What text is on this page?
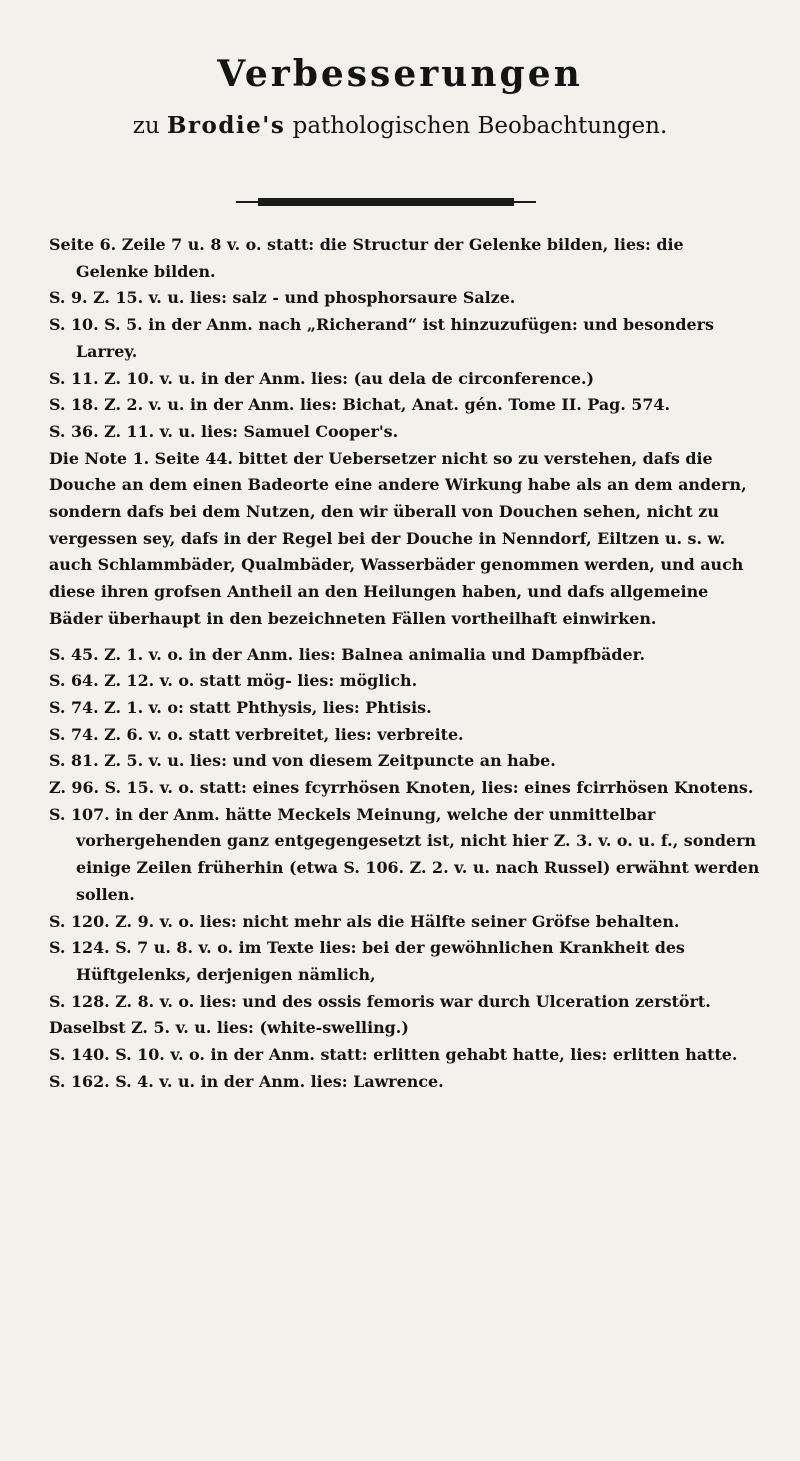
Verbesserungen
zu Brodie's pathologischen Beobachtungen.

Seite 6. Zeile 7 u. 8 v. o. statt: die Structur der Gelenke bilden, lies: die Gelenke bilden.

S. 9. Z. 15. v. u. lies: salz - und phosphorsaure Salze.

S. 10. S. 5. in der Anm. nach „Richerand“ ist hinzuzufügen: und besonders Larrey.

S. 11. Z. 10. v. u. in der Anm. lies: (au dela de circonference.)

S. 18. Z. 2. v. u. in der Anm. lies: Bichat, Anat. gén. Tome II. Pag. 574.

S. 36. Z. 11. v. u. lies: Samuel Cooper's.

Die Note 1. Seite 44. bittet der Uebersetzer nicht so zu verstehen, dafs die Douche an dem einen Badeorte eine andere Wirkung habe als an dem andern, sondern dafs bei dem Nutzen, den wir überall von Douchen sehen, nicht zu vergessen sey, dafs in der Regel bei der Douche in Nenndorf, Eiltzen u. s. w. auch Schlammbäder, Qualmbäder, Wasserbäder genommen werden, und auch diese ihren grofsen Antheil an den Heilungen haben, und dafs allgemeine Bäder überhaupt in den bezeichneten Fällen vortheilhaft einwirken.

S. 45. Z. 1. v. o. in der Anm. lies: Balnea animalia und Dampfbäder.

S. 64. Z. 12. v. o. statt mög- lies: möglich.

S. 74. Z. 1. v. o: statt Phthysis, lies: Phtisis.

S. 74. Z. 6. v. o. statt verbreitet, lies: verbreite.

S. 81. Z. 5. v. u. lies: und von diesem Zeitpuncte an habe.

Z. 96. S. 15. v. o. statt: eines fcyrrhösen Knoten, lies: eines fcirrhösen Knotens.

S. 107. in der Anm. hätte Meckels Meinung, welche der unmittelbar vorhergehenden ganz entgegengesetzt ist, nicht hier Z. 3. v. o. u. f., sondern einige Zeilen früherhin (etwa S. 106. Z. 2. v. u. nach Russel) erwähnt werden sollen.

S. 120. Z. 9. v. o. lies: nicht mehr als die Hälfte seiner Gröfse behalten.

S. 124. S. 7 u. 8. v. o. im Texte lies: bei der gewöhnlichen Krankheit des Hüftgelenks, derjenigen nämlich,

S. 128. Z. 8. v. o. lies: und des ossis femoris war durch Ulceration zerstört.

Daselbst Z. 5. v. u. lies: (white-swelling.)

S. 140. S. 10. v. o. in der Anm. statt: erlitten gehabt hatte, lies: erlitten hatte.

S. 162. S. 4. v. u. in der Anm. lies: Lawrence.
